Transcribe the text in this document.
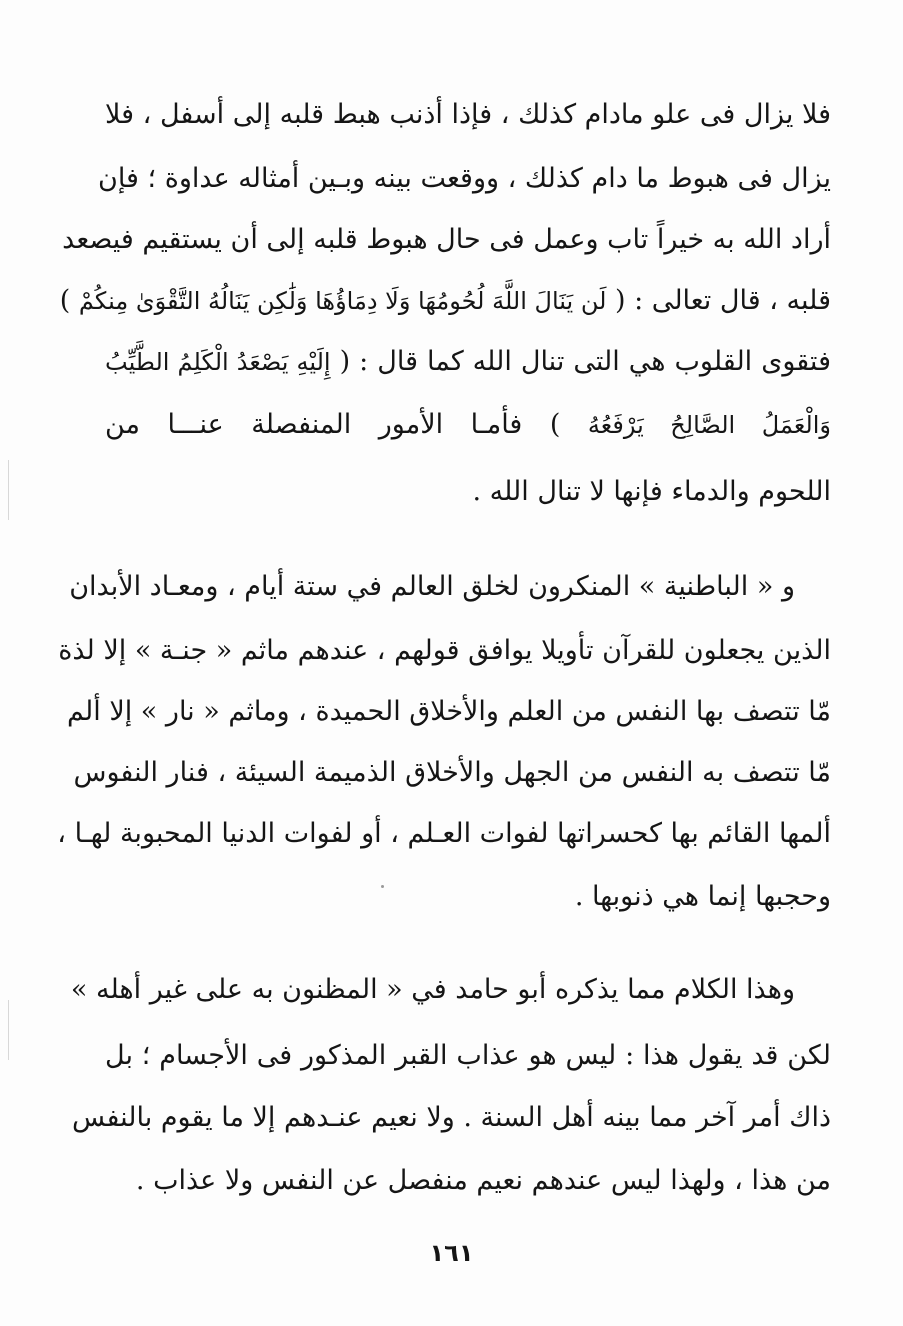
فلا يزال فى علو مادام كذلك ، فإذا أذنب هبط قلبه إلى أسفل ، فلا
يزال فى هبوط ما دام كذلك ، ووقعت بينه وبـين أمثاله عداوة ؛ فإن
أراد الله به خيراً تاب وعمل فى حال هبوط قلبه إلى أن يستقيم فيصعد
قلبه ، قال تعالى : ( لَن يَنَالَ اللَّهَ لُحُومُهَا وَلَا دِمَاؤُهَا وَلَٰكِن يَنَالُهُ التَّقْوَىٰ مِنكُمْ )
فتقوى القلوب هي التى تنال الله كما قال : ( إِلَيْهِ يَصْعَدُ الْكَلِمُ الطَّيِّبُ
وَالْعَمَلُ الصَّالِحُ يَرْفَعُهُ ) فأمـا الأمور المنفصلة عنـــا من
اللحوم والدماء فإنها لا تنال الله .
و « الباطنية » المنكرون لخلق العالم في ستة أيام ، ومعـاد الأبدان
الذين يجعلون للقرآن تأويلا يوافق قولهم ، عندهم ماثم « جنـة » إلا لذة
مّا تتصف بها النفس من العلم والأخلاق الحميدة ، وماثم « نار » إلا ألم
مّا تتصف به النفس من الجهل والأخلاق الذميمة السيئة ، فنار النفوس
ألمها القائم بها كحسراتها لفوات العـلم ، أو لفوات الدنيا المحبوبة لهـا ،
وحجبها إنما هي ذنوبها .
وهذا الكلام مما يذكره أبو حامد في « المظنون به على غير أهله »
لكن قد يقول هذا : ليس هو عذاب القبر المذكور فى الأجسام ؛ بل
ذاك أمر آخر مما بينه أهل السنة . ولا نعيم عنـدهم إلا ما يقوم بالنفس
من هذا ، ولهذا ليس عندهم نعيم منفصل عن النفس ولا عذاب .
١٦١
